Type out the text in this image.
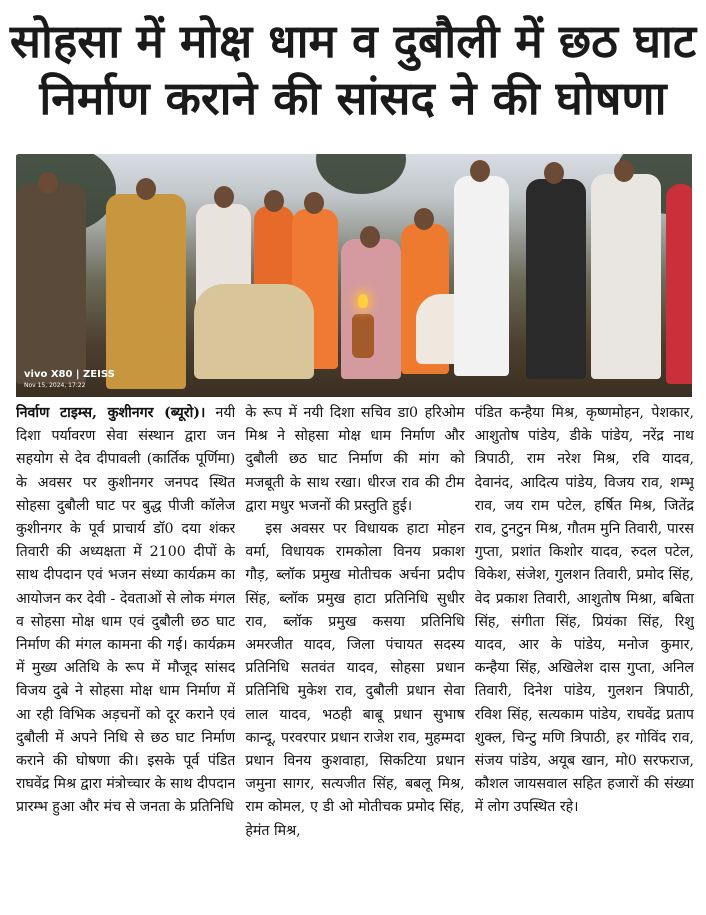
सोहसा में मोक्ष धाम व दुबौली में छठ घाट
निर्माण कराने की सांसद ने की घोषणा
vivo X80 | ZEISS
Nov 15, 2024, 17:22

निर्वाण टाइम्स, कुशीनगर (ब्यूरो)। नयी दिशा पर्यावरण सेवा संस्थान द्वारा जन सहयोग से देव दीपावली (कार्तिक पूर्णिमा) के अवसर पर कुशीनगर जनपद स्थित सोहसा दुबौली घाट पर बुद्ध पीजी कॉलेज कुशीनगर के पूर्व प्राचार्य डॉ0 दया शंकर तिवारी की अध्यक्षता में 2100 दीपों के साथ दीपदान एवं भजन संध्या कार्यक्रम का आयोजन कर देवी - देवताओं से लोक मंगल व सोहसा मोक्ष धाम एवं दुबौली छठ घाट निर्माण की मंगल कामना की गई। कार्यक्रम में मुख्य अतिथि के रूप में मौजूद सांसद विजय दुबे ने सोहसा मोक्ष धाम निर्माण में आ रही विभिक अड़चनों को दूर कराने एवं दुबौली में अपने निधि से छठ घाट निर्माण कराने की घोषणा की। इसके पूर्व पंडित राघवेंद्र मिश्र द्वारा मंत्रोच्चार के साथ दीपदान प्रारम्भ हुआ और मंच से जनता के प्रतिनिधि

के रूप में नयी दिशा सचिव डा0 हरिओम मिश्र ने सोहसा मोक्ष धाम निर्माण और दुबौली छठ घाट निर्माण की मांग को मजबूती के साथ रखा। धीरज राव की टीम द्वारा मधुर भजनों की प्रस्तुति हुई।

इस अवसर पर विधायक हाटा मोहन वर्मा, विधायक रामकोला विनय प्रकाश गौड़, ब्लॉक प्रमुख मोतीचक अर्चना प्रदीप सिंह, ब्लॉक प्रमुख हाटा प्रतिनिधि सुधीर राव, ब्लॉक प्रमुख कसया प्रतिनिधि अमरजीत यादव, जिला पंचायत सदस्य प्रतिनिधि सतवंत यादव, सोहसा प्रधान प्रतिनिधि मुकेश राव, दुबौली प्रधान सेवा लाल यादव, भठही बाबू प्रधान सुभाष कान्दू, परवरपार प्रधान राजेश राव, मुहम्मदा प्रधान विनय कुशवाहा, सिकटिया प्रधान जमुना सागर, सत्यजीत सिंह, बबलू मिश्र, राम कोमल, ए डी ओ मोतीचक प्रमोद सिंह, हेमंत मिश्र,

पंडित कन्हैया मिश्र, कृष्णमोहन, पेशकार, आशुतोष पांडेय, डीके पांडेय, नरेंद्र नाथ त्रिपाठी, राम नरेश मिश्र, रवि यादव, देवानंद, आदित्य पांडेय, विजय राव, शम्भू राव, जय राम पटेल, हर्षित मिश्र, जितेंद्र राव, टुनटुन मिश्र, गौतम मुनि तिवारी, पारस गुप्ता, प्रशांत किशोर यादव, रुदल पटेल, विकेश, संजेश, गुलशन तिवारी, प्रमोद सिंह, वेद प्रकाश तिवारी, आशुतोष मिश्रा, बबिता सिंह, संगीता सिंह, प्रियंका सिंह, रिशु यादव, आर के पांडेय, मनोज कुमार, कन्हैया सिंह, अखिलेश दास गुप्ता, अनिल तिवारी, दिनेश पांडेय, गुलशन त्रिपाठी, रविश सिंह, सत्यकाम पांडेय, राघवेंद्र प्रताप शुक्ल, चिन्टु मणि त्रिपाठी, हर गोविंद राव, संजय पांडेय, अयूब खान, मो0 सरफराज, कौशल जायसवाल सहित हजारों की संख्या में लोग उपस्थित रहे।
